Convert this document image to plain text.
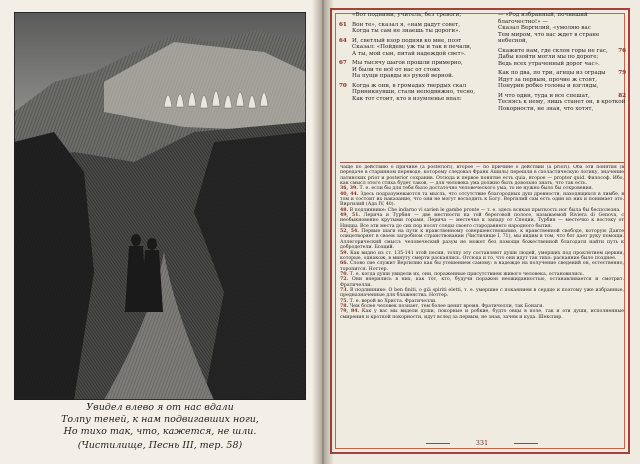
Увидел влево я от нас вдали
Толпу теней, к нам подвигавших ноги,
Но тихо так, что, кажется, не шли.
(Чистилище, Песнь III, тер. 58)
«Вот подними, учитель, без тревоги;
61 Вон те», сказал я, «нам дадут совет,
Когда ты сам не знаешь ты дороги».
64 И, светлый взор подняв ко мне, поэт
Сказал: «Пойдем; уж ты и так в печали,
А ты, мой сын, питай надеждой свет».
67 Мы тысячу шагов прошли примерно,
И были те всё от нас от стоих
На пущи правды из рукой верной.
70 Когда ж они, в громадах твердых скал
Приникнувши, стали неподвижно, тесно,
Как тот стоит, кто в изумленье впал:
— «Род избранный, почивший благочестно!» —
Сказал Вергилий, «умоляю вас
Тем миром, что вас ждет в стране небесной,
76
Скажите нам, где склон горы не гас,
Дабы взойти могли мы по дороге;
Ведь всех утраченный дорог час».
79
Как по два, по три, агнцы из ограды
Идут за первым, прочие ж стоят,
Понурив робко головы и взгляды,
82
И что один, туда и все спешат,
Теснясь к нему, лишь станет он, в кроткой
Покорности, не зная, что хотят,

чаще по действию о причине (a posteriori), второе — по причине о действии (a priori). Оба эти понятия (в передаче в старинном переводе, которому следовал Франк Ашиль) перешли в схоластическую логику, значение латинских prior и posterior сохранив. Отсюда и первое понятие есть quia, второе — propter quid. Философ. Ибо, как смысл этого стиха будет таков, — для человека ума должно быть довольно знать, что так есть.

36, 39. Т. е. если бы для тебя было достаточно человеческого ума, то не нужно было бы откровения.

40, 44. Здесь подразумеваются та мысль, что отсутствие благородных душ древности, находящихся в лимбе, в том и состоит их наказание, что они не могут восходить к Богу. Вергилий сам есть один из них и понимает это. Виргилий (Ада IV, 40).

48. В подлиннике: Che indarno vi sarien le gambe pronte — т. е. здесь всякая прыткость ног была бы бесполезна.

49, 51. Лерича и Турбия — две местности на той береговой полосе, называемой Riviera di Genova, с необыкновенно крутыми горами. Лерича — местечко к западу от Специи, Турбия — местечко к востоку от Ниццы. Все эти места до сих пор носят следы своего стародавнего народного бытия.

52, 54. Первые шаги на пути к нравственному совершенствованию, к нравственной свободе, которую Данте олицетворяет в своем загробном странствовании (Чистилище I, 71), мы видим в том, что бог дает руку помощи. Аллегорический смысл: человеческий разум не может без помощи божественной благодати найти путь к добродетели. Боэций.

59. Как видно из ст. 135-141 этой песни, толпу эту составляют души людей, умерших под проклятием церкви, которые, однакож, в минуту смерти раскаялись. Отсюда и то, что они идут так тихо: раскаяние было позднее.

66. Слово сие служит Вергилию как бы утешением самому: в надежде на получение сведений он, естественно, торопится. Ноттер.

70. Т. е. когда души увидели их, они, пораженные присутствием живого человека, остановились.

72. Они вперились в них, как тот, кто, будучи поражен неожиданностью, останавливается и смотрит. Фратичелли.

73. В подлиннике: O ben finiti, o già spiriti eletti, т. е. умершие с покаянием в сердце и поэтому уже избранные, предназначенные для блаженства. Ноттер.

75. Т. е. верой во Христа. Фратичелли.

78. Чем более человек познает, тем более ценит время. Фратичелли, так Бонаги.

79, 84. Как у вас мы видели души, покорные и робкие, будто овцы в поле, так и эти души, исполненные смирения и кроткой покорности, идут вслед за первым, не зная, зачем и куда. Шекспир.

331
